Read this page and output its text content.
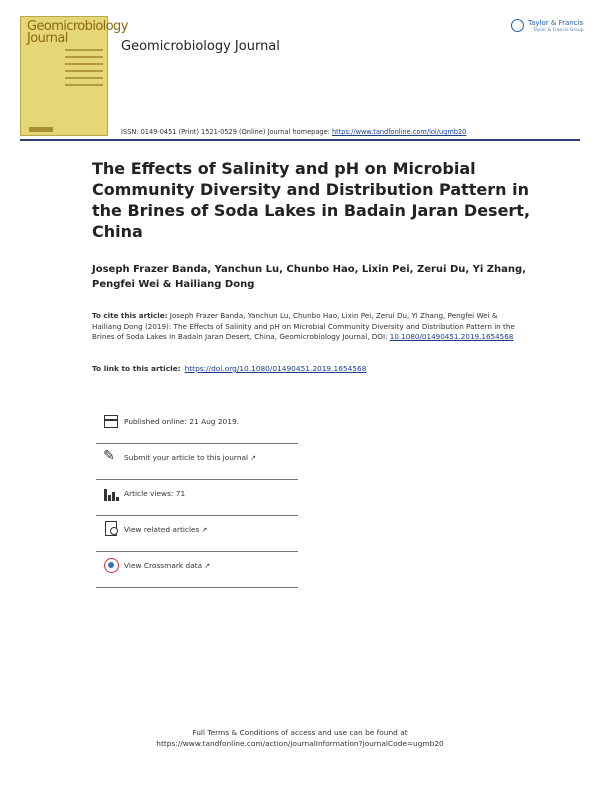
Geomicrobiology
Journal
Geomicrobiology Journal
Taylor & Francis
Taylor & Francis Group
ISSN: 0149-0451 (Print) 1521-0529 (Online) Journal homepage: https://www.tandfonline.com/loi/ugmb20
The Effects of Salinity and pH on Microbial Community Diversity and Distribution Pattern in the Brines of Soda Lakes in Badain Jaran Desert, China
Joseph Frazer Banda, Yanchun Lu, Chunbo Hao, Lixin Pei, Zerui Du, Yi Zhang, Pengfei Wei & Hailiang Dong
To cite this article: Joseph Frazer Banda, Yanchun Lu, Chunbo Hao, Lixin Pei, Zerui Du, Yi Zhang, Pengfei Wei & Hailiang Dong (2019): The Effects of Salinity and pH on Microbial Community Diversity and Distribution Pattern in the Brines of Soda Lakes in Badain Jaran Desert, China, Geomicrobiology Journal, DOI: 10.1080/01490451.2019.1654568
To link to this article: https://doi.org/10.1080/01490451.2019.1654568
Published online: 21 Aug 2019.
✎	Submit your article to this journal ↗
Article views: 71
View related articles ↗
View Crossmark data ↗
Full Terms & Conditions of access and use can be found at
https://www.tandfonline.com/action/journalInformation?journalCode=ugmb20
